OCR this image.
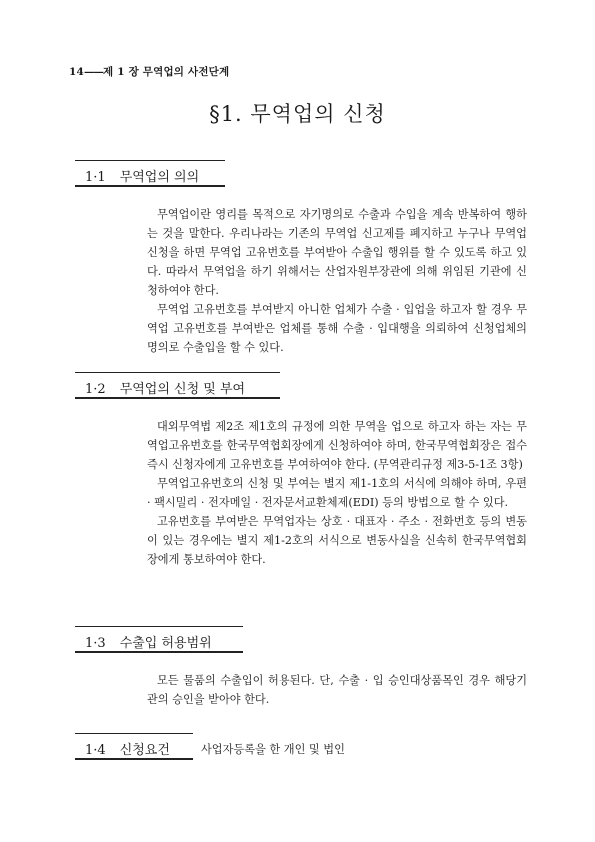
14——제 1 장 무역업의 사전단계
§1. 무역업의 신청
1·1 무역업의 의의

무역업이란 영리를 목적으로 자기명의로 수출과 수입을 계속 반복하여 행하는 것을 말한다. 우리나라는 기존의 무역업 신고제를 폐지하고 누구나 무역업신청을 하면 무역업 고유번호를 부여받아 수출입 행위를 할 수 있도록 하고 있다. 따라서 무역업을 하기 위해서는 산업자원부장관에 의해 위임된 기관에 신청하여야 한다.

무역업 고유번호를 부여받지 아니한 업체가 수출 · 입업을 하고자 할 경우 무역업 고유번호를 부여받은 업체를 통해 수출 · 입대행을 의뢰하여 신청업체의 명의로 수출입을 할 수 있다.

1·2 무역업의 신청 및 부여

대외무역법 제2조 제1호의 규정에 의한 무역을 업으로 하고자 하는 자는 무역업고유번호를 한국무역협회장에게 신청하여야 하며, 한국무역협회장은 접수 즉시 신청자에게 고유번호를 부여하여야 한다. (무역관리규정 제3-5-1조 3항)

무역업고유번호의 신청 및 부여는 별지 제1-1호의 서식에 의해야 하며, 우편 · 팩시밀리 · 전자메일 · 전자문서교환체제(EDI) 등의 방법으로 할 수 있다.

고유번호를 부여받은 무역업자는 상호 · 대표자 · 주소 · 전화번호 등의 변동이 있는 경우에는 별지 제1-2호의 서식으로 변동사실을 신속히 한국무역협회장에게 통보하여야 한다.

1·3 수출입 허용범위

모든 물품의 수출입이 허용된다. 단, 수출 · 입 승인대상품목인 경우 해당기관의 승인을 받아야 한다.

1·4 신청요건	사업자등록을 한 개인 및 법인
